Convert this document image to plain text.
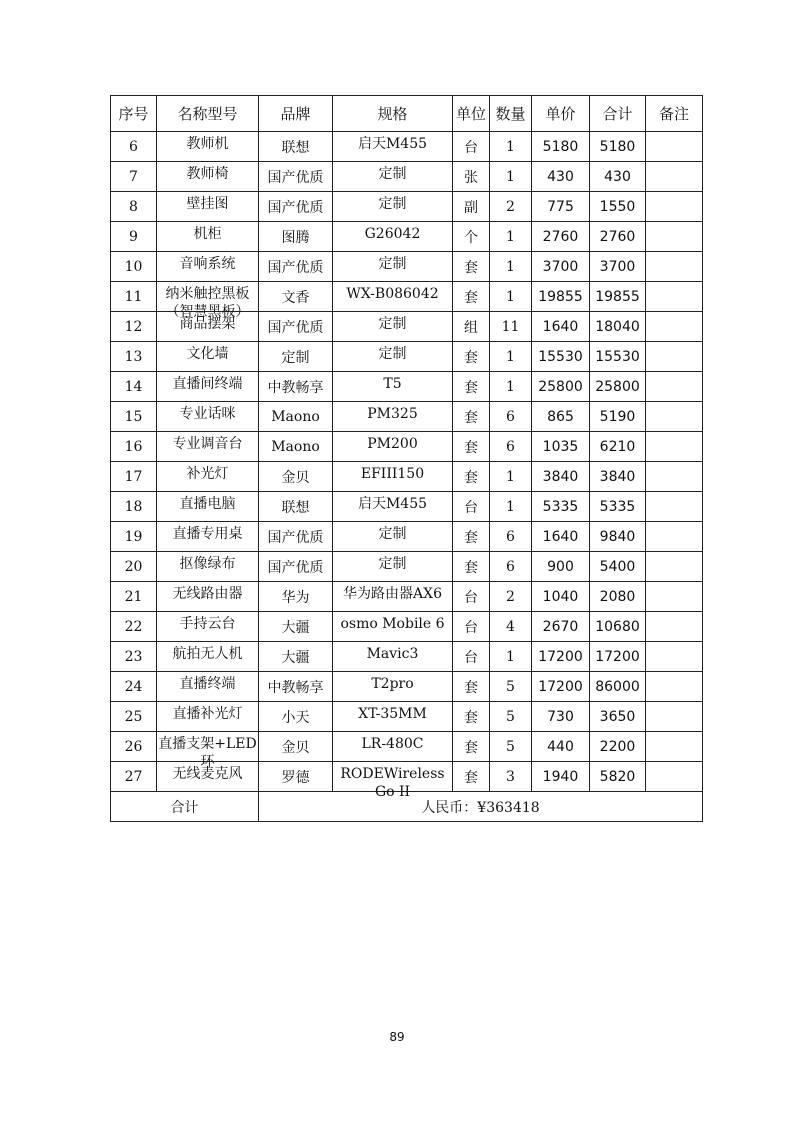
序号	名称型号	品牌	规格	单位	数量	单价	合计	备注
6	教师机	联想	启天M455	台	1	5180	5180	
7	教师椅	国产优质	定制	张	1	430	430	
8	壁挂图	国产优质	定制	副	2	775	1550	
9	机柜	图腾	G26042	个	1	2760	2760	
10	音响系统	国产优质	定制	套	1	3700	3700	
11	纳米触控黑板（智慧黑板）	文香	WX-B086042	套	1	19855	19855	
12	商品摆架	国产优质	定制	组	11	1640	18040	
13	文化墙	定制	定制	套	1	15530	15530	
14	直播间终端	中教畅享	T5	套	1	25800	25800	
15	专业话咪	Maono	PM325	套	6	865	5190	
16	专业调音台	Maono	PM200	套	6	1035	6210	
17	补光灯	金贝	EFIII150	套	1	3840	3840	
18	直播电脑	联想	启天M455	台	1	5335	5335	
19	直播专用桌	国产优质	定制	套	6	1640	9840	
20	抠像绿布	国产优质	定制	套	6	900	5400	
21	无线路由器	华为	华为路由器AX6	台	2	1040	2080	
22	手持云台	大疆	osmo Mobile 6	台	4	2670	10680	
23	航拍无人机	大疆	Mavic3	台	1	17200	17200	
24	直播终端	中教畅享	T2pro	套	5	17200	86000	
25	直播补光灯	小天	XT-35MM	套	5	730	3650	
26	直播支架+LED环	金贝	LR-480C	套	5	440	2200	
27	无线麦克风	罗德	RODEWireless Go II	套	3	1940	5820	
合计		人民币：¥363418						
89
